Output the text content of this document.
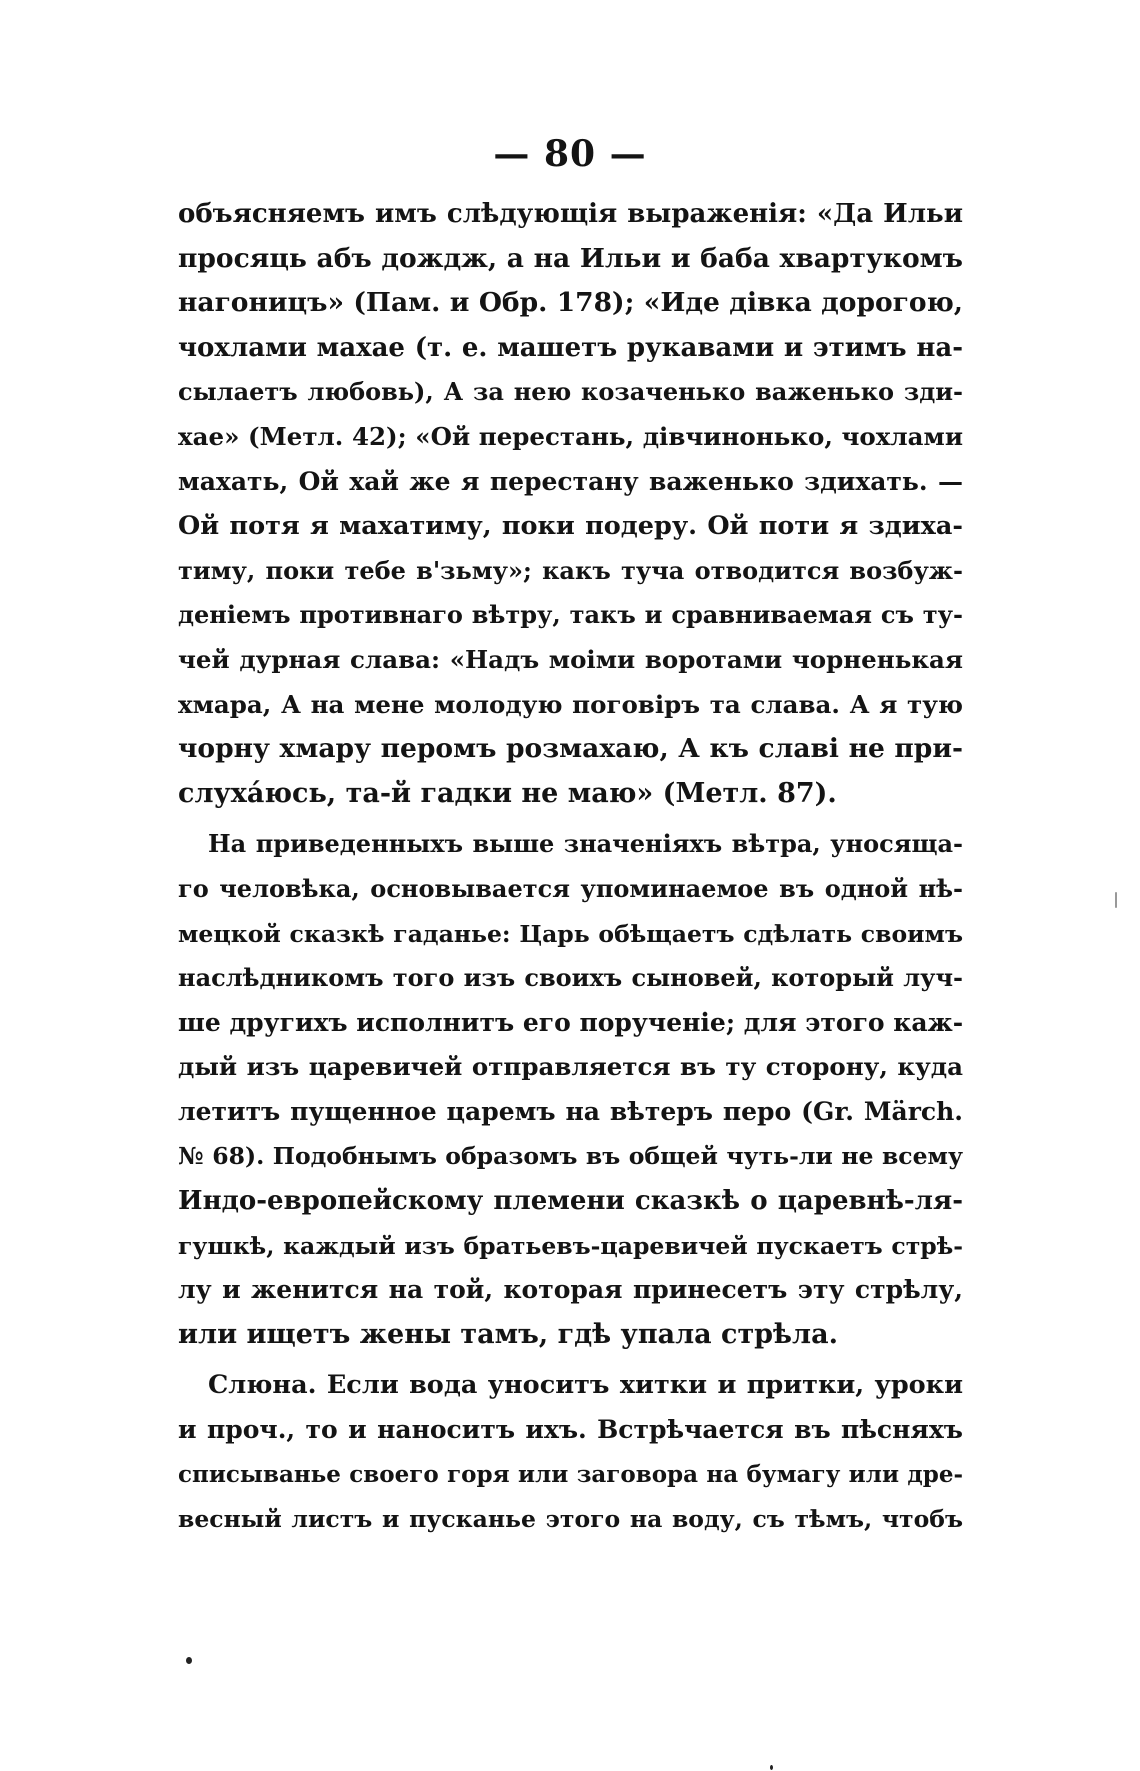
— 80 —
объясняемъ имъ слѣдующія выраженія: «Да Ильи
просяць абъ дождж, а на Ильи и баба хвартукомъ
нагоницъ» (Пам. и Обр. 178); «Иде дівка дорогою,
чохлами махае (т. е. машетъ рукавами и этимъ на-
сылаетъ любовь), А за нею козаченько важенько зди-
хае» (Метл. 42); «Ой перестань, дівчинонько, чохлами
махать, Ой хай же я перестану важенько здихать. —
Ой потя я махатиму, поки подеру. Ой поти я здиха-
тиму, поки тебе в'зьму»; какъ туча отводится возбуж-
деніемъ противнаго вѣтру, такъ и сравниваемая съ ту-
чей дурная слава: «Надъ моіми воротами чорненькая
хмара, А на мене молодую поговіръ та слава. А я тую
чорну хмару перомъ розмахаю, А къ славі не при-
слухáюсь, та-й гадки не маю» (Метл. 87).
На приведенныхъ выше значеніяхъ вѣтра, уносяща-
го человѣка, основывается упоминаемое въ одной нѣ-
мецкой сказкѣ гаданье: Царь обѣщаетъ сдѣлать своимъ
наслѣдникомъ того изъ своихъ сыновей, который луч-
ше другихъ исполнитъ его порученіе; для этого каж-
дый изъ царевичей отправляется въ ту сторону, куда
летитъ пущенное царемъ на вѣтеръ перо (Gr. Märch.
№ 68). Подобнымъ образомъ въ общей чуть-ли не всему
Индо-европейскому племени сказкѣ о царевнѣ-ля-
гушкѣ, каждый изъ братьевъ-царевичей пускаетъ стрѣ-
лу и женится на той, которая принесетъ эту стрѣлу,
или ищетъ жены тамъ, гдѣ упала стрѣла.
Слюна. Если вода уноситъ хитки и притки, уроки
и проч., то и наноситъ ихъ. Встрѣчается въ пѣсняхъ
списыванье своего горя или заговора на бумагу или дре-
весный листъ и пусканье этого на воду, съ тѣмъ, чтобъ
